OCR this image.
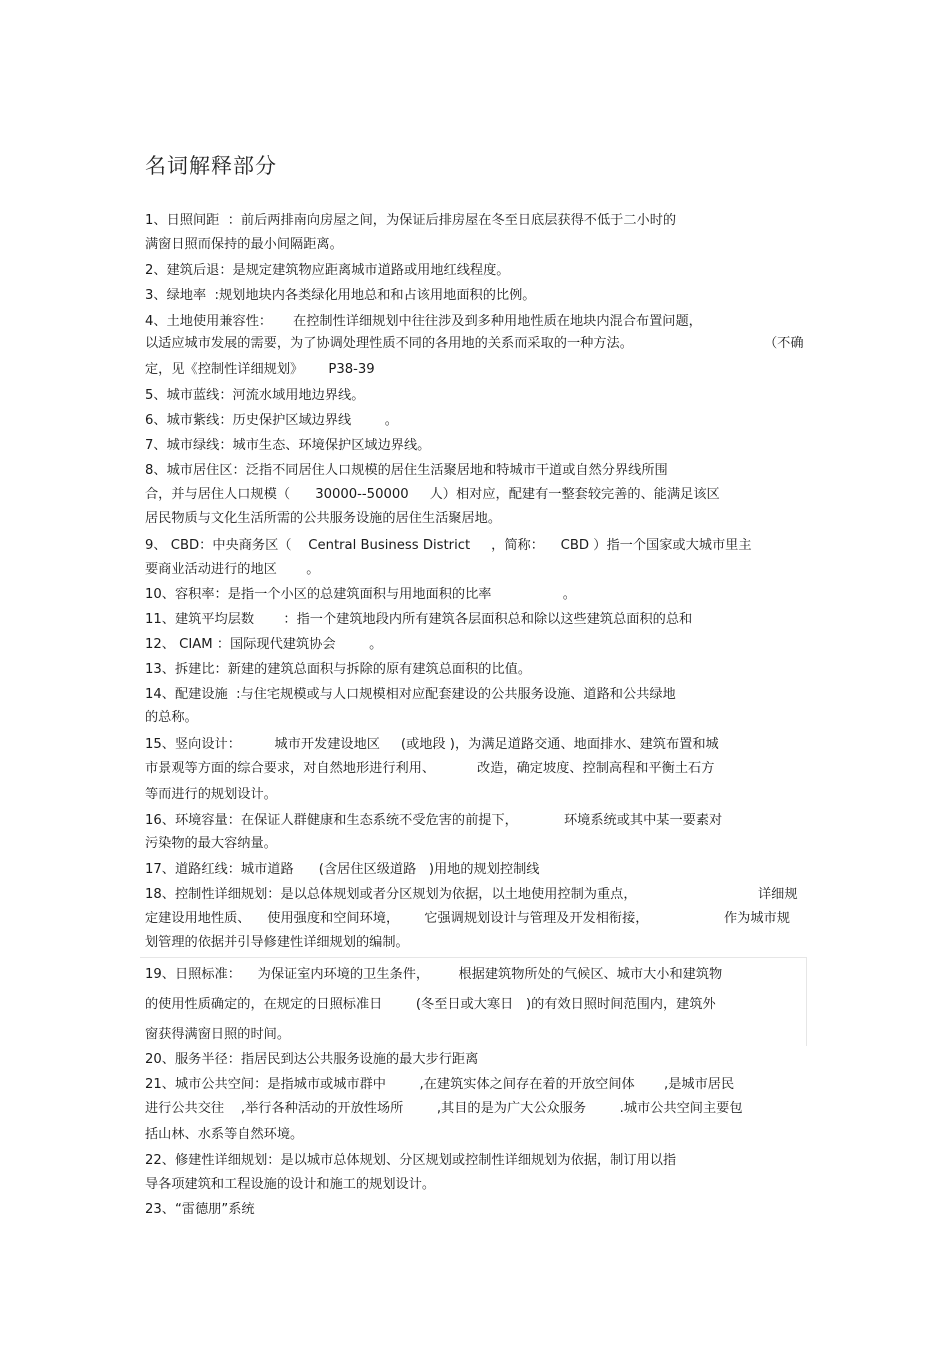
名词解释部分
1、日照间距  ：前后两排南向房屋之间，为保证后排房屋在冬至日底层获得不低于二小时的
满窗日照而保持的最小间隔距离。
2、建筑后退：是规定建筑物应距离城市道路或用地红线程度。
3、绿地率  :规划地块内各类绿化用地总和和占该用地面积的比例。
4、土地使用兼容性：     在控制性详细规划中往往涉及到多种用地性质在地块内混合布置问题，
以适应城市发展的需要，为了协调处理性质不同的各用地的关系而采取的一种方法。	（不确
定，见《控制性详细规划》      P38-39
5、城市蓝线：河流水域用地边界线。
6、城市紫线：历史保护区域边界线        。
7、城市绿线：城市生态、环境保护区域边界线。
8、城市居住区：泛指不同居住人口规模的居住生活聚居地和特城市干道或自然分界线所围
合，并与居住人口规模（      30000--50000     人）相对应，配建有一整套较完善的、能满足该区
居民物质与文化生活所需的公共服务设施的居住生活聚居地。
9、 CBD：中央商务区（    Central Business District     ，简称：    CBD ）指一个国家或大城市里主
要商业活动进行的地区       。
10、容积率：是指一个小区的总建筑面积与用地面积的比率                 。
11、建筑平均层数       ：指一个建筑地段内所有建筑各层面积总和除以这些建筑总面积的总和
12、 CIAM ：国际现代建筑协会        。
13、拆建比：新建的建筑总面积与拆除的原有建筑总面积的比值。
14、配建设施  :与住宅规模或与人口规模相对应配套建设的公共服务设施、道路和公共绿地
的总称。
15、竖向设计：        城市开发建设地区     (或地段 )，为满足道路交通、地面排水、建筑布置和城
市景观等方面的综合要求，对自然地形进行利用、          改造，确定坡度、控制高程和平衡土石方
等而进行的规划设计。
16、环境容量：在保证人群健康和生态系统不受危害的前提下，           环境系统或其中某一要素对
污染物的最大容纳量。
17、道路红线：城市道路      (含居住区级道路   )用地的规划控制线
18、控制性详细规划：是以总体规划或者分区规划为依据，以土地使用控制为重点，	详细规
定建设用地性质、    使用强度和空间环境，      它强调规划设计与管理及开发相衔接，	作为城市规
划管理的依据并引导修建性详细规划的编制。
19、日照标准：    为保证室内环境的卫生条件，       根据建筑物所处的气候区、城市大小和建筑物
的使用性质确定的，在规定的日照标准日        (冬至日或大寒日   )的有效日照时间范围内，建筑外
窗获得满窗日照的时间。
20、服务半径：指居民到达公共服务设施的最大步行距离
21、城市公共空间：是指城市或城市群中        ,在建筑实体之间存在着的开放空间体       ,是城市居民
进行公共交往    ,举行各种活动的开放性场所        ,其目的是为广大公众服务        .城市公共空间主要包
括山林、水系等自然环境。
22、修建性详细规划：是以城市总体规划、分区规划或控制性详细规划为依据，制订用以指
导各项建筑和工程设施的设计和施工的规划设计。
23、“雷德朋”系统
